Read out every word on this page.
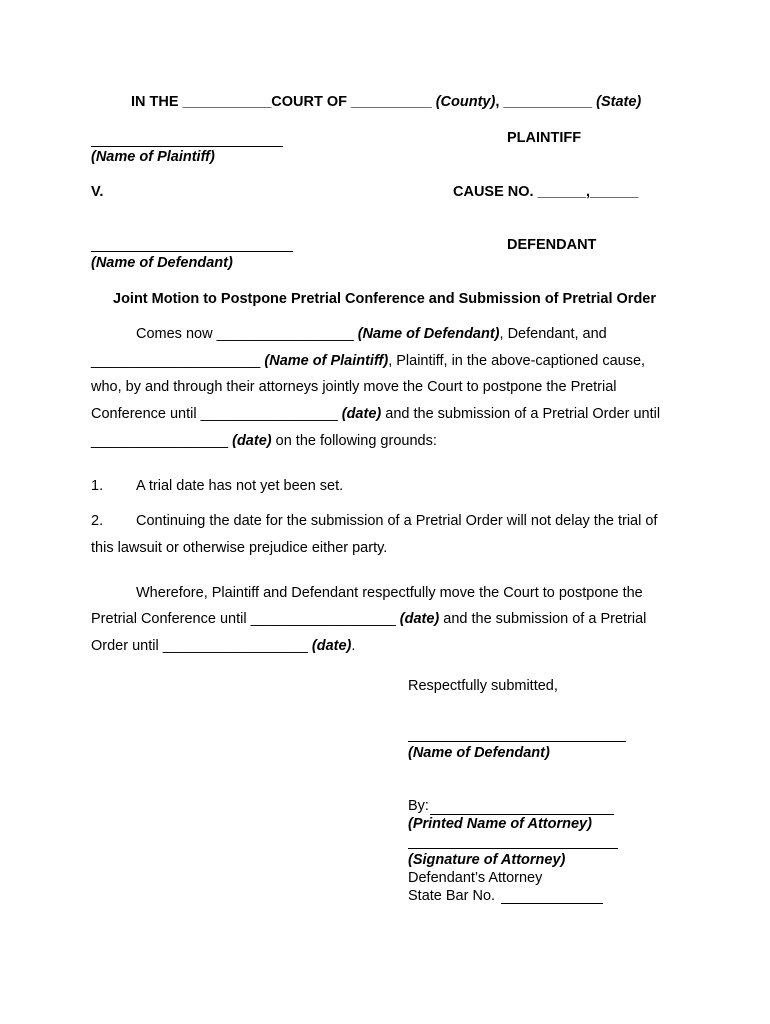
IN THE ___________COURT OF __________ (County), ___________ (State)
(Name of Plaintiff)
PLAINTIFF
V.	CAUSE NO. ______,______
(Name of Defendant)
DEFENDANT
Joint Motion to Postpone Pretrial Conference and Submission of Pretrial Order
Comes now _________________ (Name of Defendant), Defendant, and
_____________________ (Name of Plaintiff), Plaintiff, in the above-captioned cause,
who, by and through their attorneys jointly move the Court to postpone the Pretrial
Conference until _________________ (date) and the submission of a Pretrial Order until
_________________ (date) on the following grounds:
1. A trial date has not yet been set.
2. Continuing the date for the submission of a Pretrial Order will not delay the trial of
this lawsuit or otherwise prejudice either party.
Wherefore, Plaintiff and Defendant respectfully move the Court to postpone the
Pretrial Conference until __________________ (date) and the submission of a Pretrial
Order until __________________ (date).
Respectfully submitted,
(Name of Defendant)
By:
(Printed Name of Attorney)
(Signature of Attorney)
Defendant’s Attorney
State Bar No.
